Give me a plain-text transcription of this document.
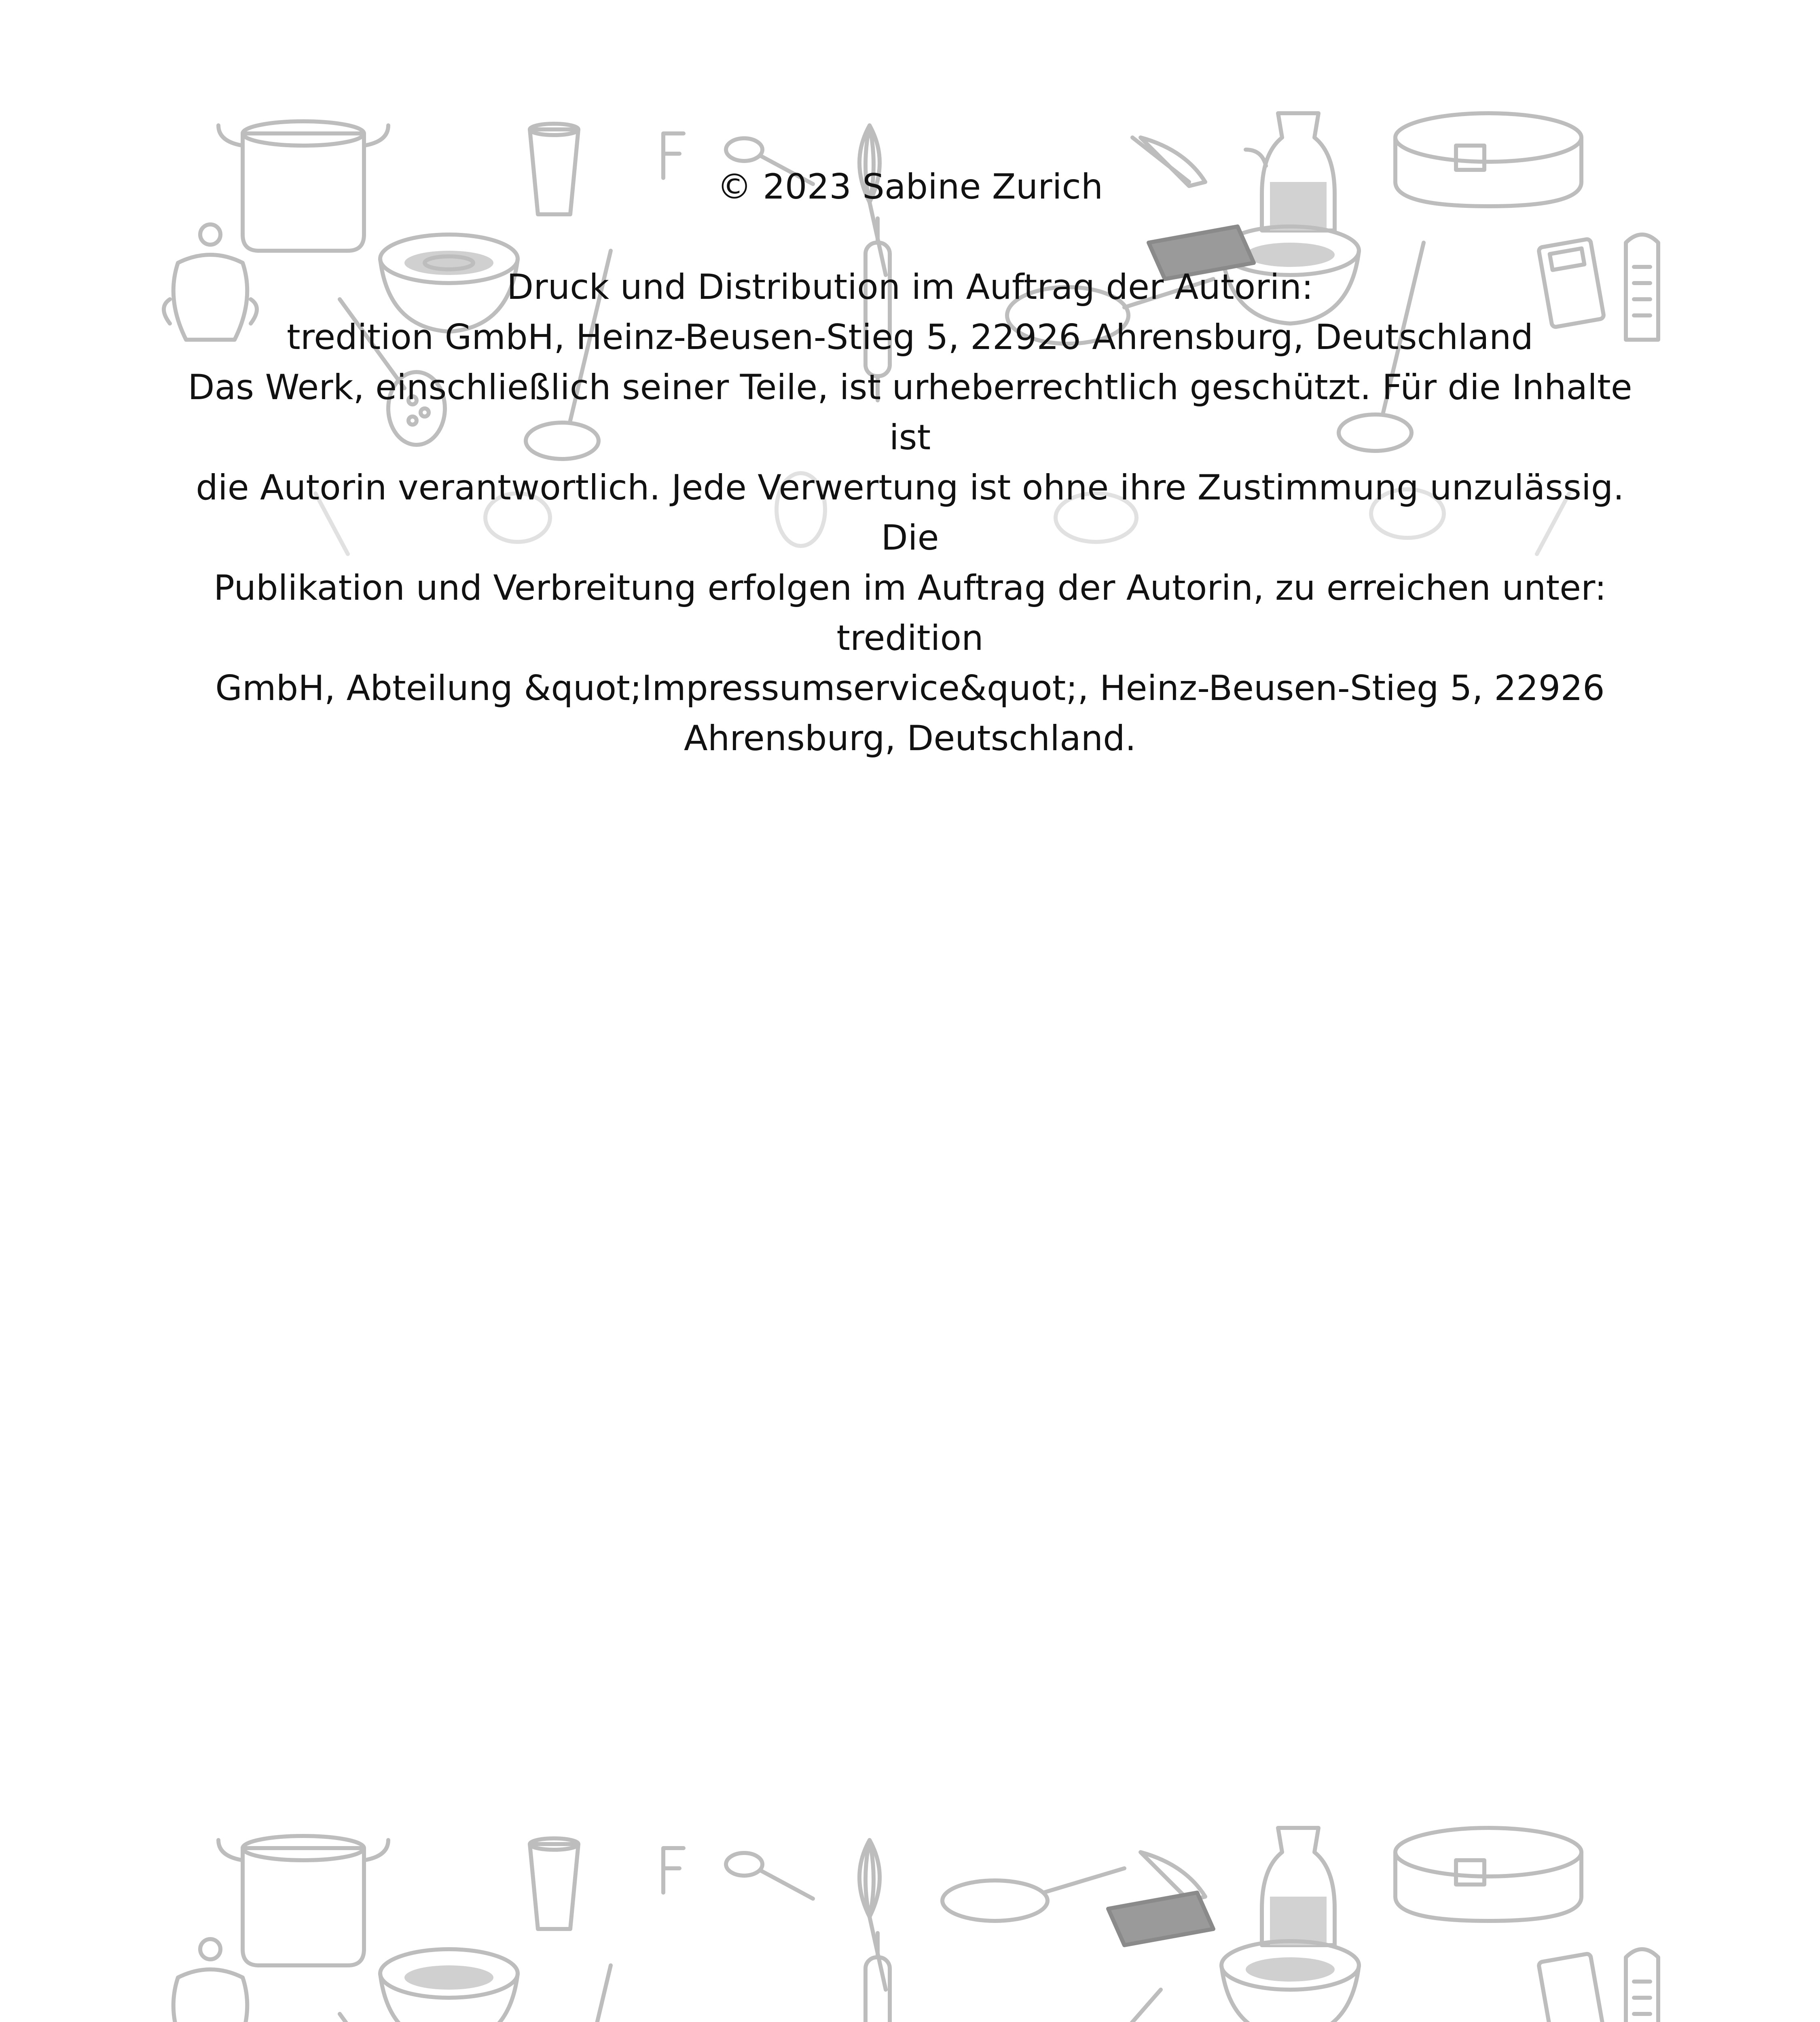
© 2023 Sabine Zurich
Druck und Distribution im Auftrag der Autorin:
tredition GmbH, Heinz-Beusen-Stieg 5, 22926 Ahrensburg, Deutschland
Das Werk, einschließlich seiner Teile, ist urheberrechtlich geschützt. Für die Inhalte
ist
die Autorin verantwortlich. Jede Verwertung ist ohne ihre Zustimmung unzulässig.
Die
Publikation und Verbreitung erfolgen im Auftrag der Autorin, zu erreichen unter:
tredition
GmbH, Abteilung &quot;Impressumservice&quot;, Heinz-Beusen-Stieg 5, 22926
Ahrensburg, Deutschland.
